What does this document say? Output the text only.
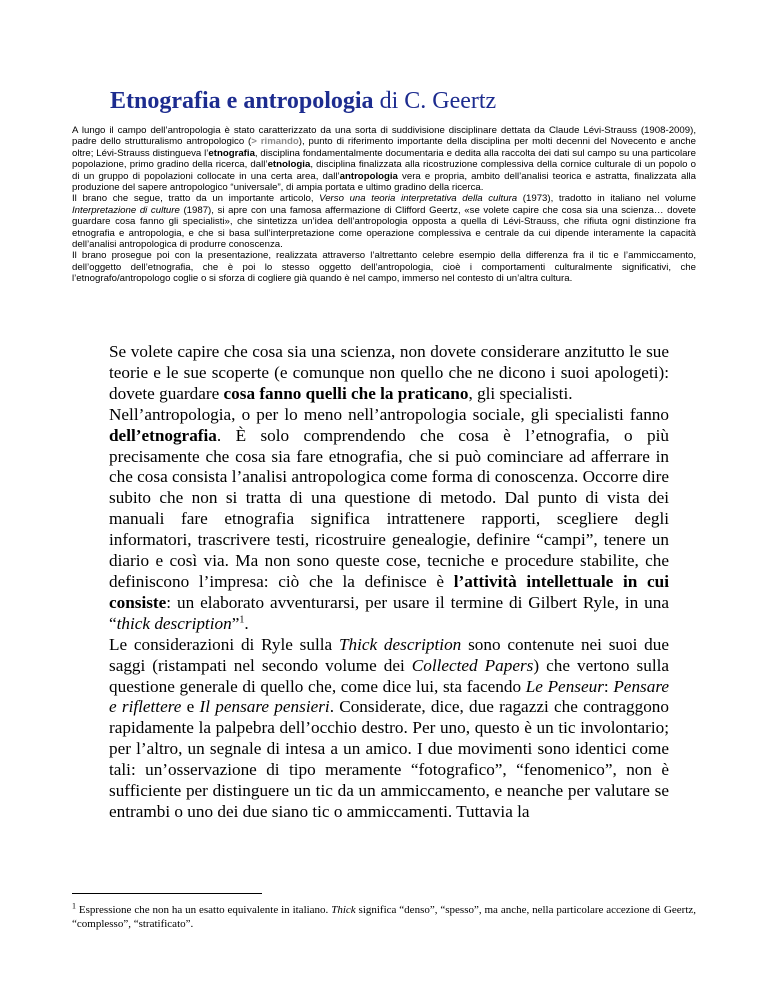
Etnografia e antropologia di C. Geertz

A lungo il campo dell’antropologia è stato caratterizzato da una sorta di suddivisione disciplinare dettata da Claude Lévi-Strauss (1908-2009), padre dello strutturalismo antropologico (> rimando), punto di riferimento importante della disciplina per molti decenni del Novecento e anche oltre; Lévi-Strauss distingueva l’etnografia, disciplina fondamentalmente documentaria e dedita alla raccolta dei dati sul campo su una particolare popolazione, primo gradino della ricerca, dall’etnologia, disciplina finalizzata alla ricostruzione complessiva della cornice culturale di un popolo o di un gruppo di popolazioni collocate in una certa area, dall’antropologia vera e propria, ambito dell’analisi teorica e astratta, finalizzata alla produzione del sapere antropologico “universale”, di ampia portata e ultimo gradino della ricerca.

Il brano che segue, tratto da un importante articolo, Verso una teoria interpretativa della cultura (1973), tradotto in italiano nel volume Interpretazione di culture (1987), si apre con una famosa affermazione di Clifford Geertz, «se volete capire che cosa sia una scienza… dovete guardare cosa fanno gli specialisti», che sintetizza un’idea dell’antropologia opposta a quella di Lévi-Strauss, che rifiuta ogni distinzione fra etnografia e antropologia, e che si basa sull’interpretazione come operazione complessiva e centrale da cui dipende interamente la capacità dell’analisi antropologica di produrre conoscenza.

Il brano prosegue poi con la presentazione, realizzata attraverso l’altrettanto celebre esempio della differenza fra il tic e l’ammiccamento, dell’oggetto dell’etnografia, che è poi lo stesso oggetto dell’antropologia, cioè i comportamenti culturalmente significativi, che l’etnografo/antropologo coglie o si sforza di cogliere già quando è nel campo, immerso nel contesto di un’altra cultura.

Se volete capire che cosa sia una scienza, non dovete considerare anzitutto le sue teorie e le sue scoperte (e comunque non quello che ne dicono i suoi apologeti): dovete guardare cosa fanno quelli che la praticano, gli specialisti.

Nell’antropologia, o per lo meno nell’antropologia sociale, gli specialisti fanno dell’etnografia. È solo comprendendo che cosa è l’etnografia, o più precisamente che cosa sia fare etnografia, che si può cominciare ad afferrare in che cosa consista l’analisi antropologica come forma di conoscenza. Occorre dire subito che non si tratta di una questione di metodo. Dal punto di vista dei manuali fare etnografia significa intrattenere rapporti, scegliere degli informatori, trascrivere testi, ricostruire genealogie, definire “campi”, tenere un diario e così via. Ma non sono queste cose, tecniche e procedure stabilite, che definiscono l’impresa: ciò che la definisce è l’attività intellettuale in cui consiste: un elaborato avventurarsi, per usare il termine di Gilbert Ryle, in una “thick description”$^1$.

Le considerazioni di Ryle sulla Thick description sono contenute nei suoi due saggi (ristampati nel secondo volume dei Collected Papers) che vertono sulla questione generale di quello che, come dice lui, sta facendo Le Penseur: Pensare e riflettere e Il pensare pensieri. Considerate, dice, due ragazzi che contraggono rapidamente la palpebra dell’occhio destro. Per uno, questo è un tic involontario; per l’altro, un segnale di intesa a un amico. I due movimenti sono identici come tali: un’osservazione di tipo meramente “fotografico”, “fenomenico”, non è sufficiente per distinguere un tic da un ammiccamento, e neanche per valutare se entrambi o uno dei due siano tic o ammiccamenti. Tuttavia la

$^1$ Espressione che non ha un esatto equivalente in italiano. Thick significa “denso”, “spesso”, ma anche, nella particolare accezione di Geertz, “complesso”, “stratificato”.
